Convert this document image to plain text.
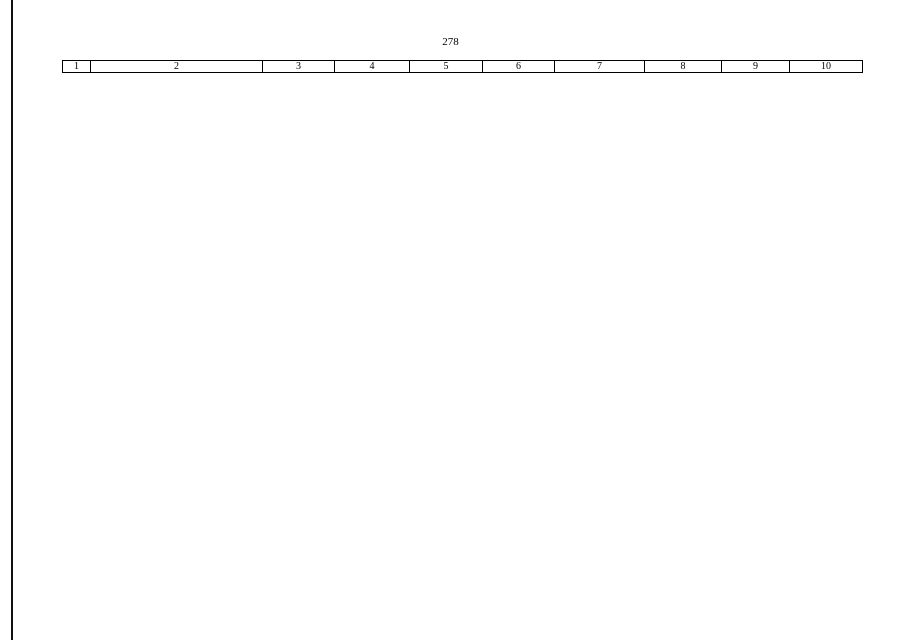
278
1	2	3	4	5	6	7	8	9	10
